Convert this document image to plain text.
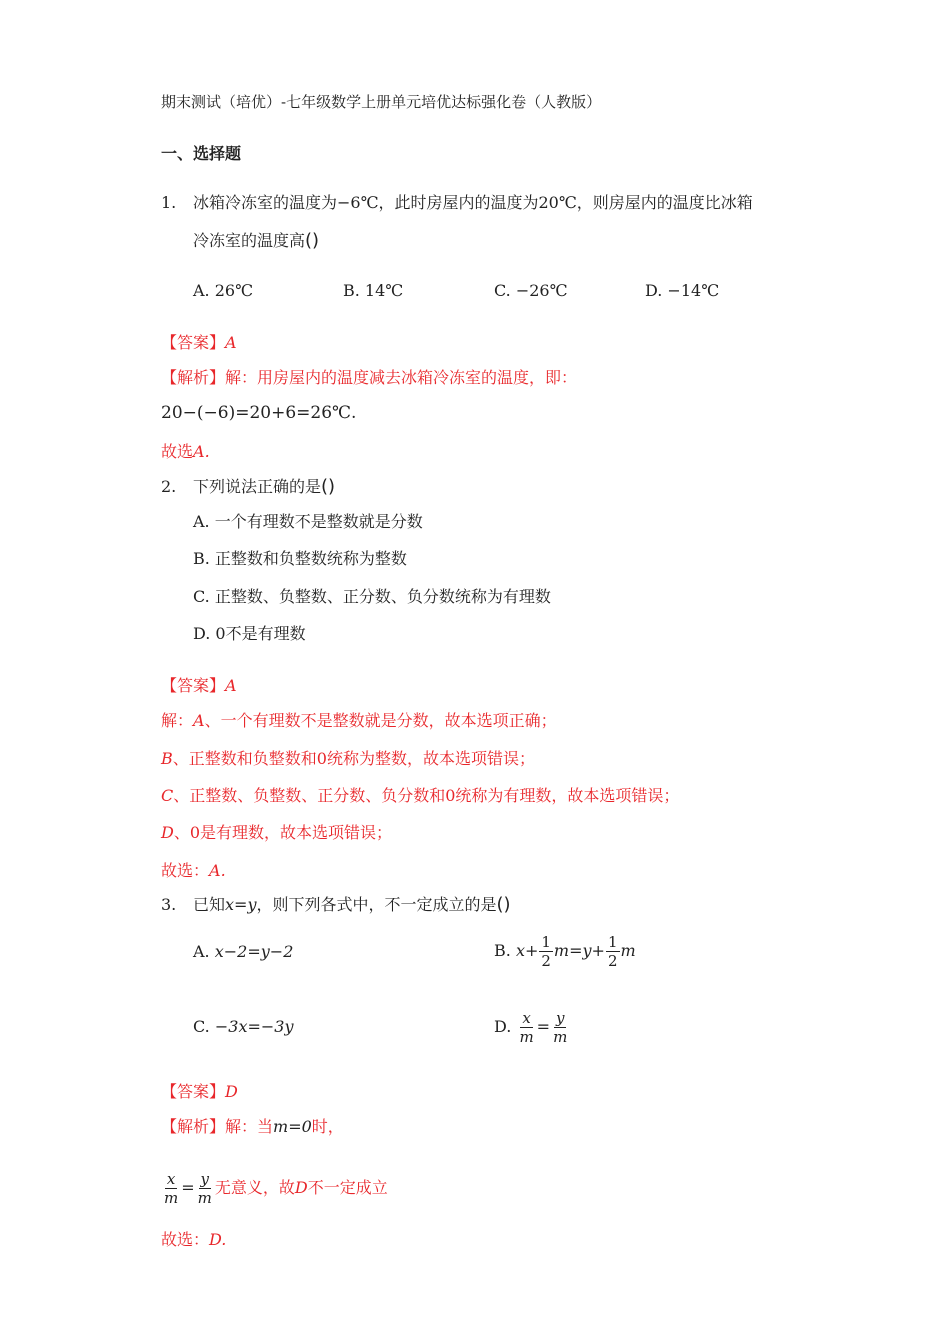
期末测试（培优）-七年级数学上册单元培优达标强化卷（人教版）
一、选择题
1. 冰箱冷冻室的温度为−6℃，此时房屋内的温度为20℃，则房屋内的温度比冰箱
冷冻室的温度高()
A. 26℃	B. 14℃	C. −26℃	D. −14℃
【答案】A
【解析】解：用房屋内的温度减去冰箱冷冻室的温度，即：
20−(−6)=20+6=26℃.
故选A.
2. 下列说法正确的是()
A. 一个有理数不是整数就是分数
B. 正整数和负整数统称为整数
C. 正整数、负整数、正分数、负分数统称为有理数
D. 0不是有理数
【答案】A
解：A、一个有理数不是整数就是分数，故本选项正确；
B、正整数和负整数和0统称为整数，故本选项错误；
C、正整数、负整数、正分数、负分数和0统称为有理数，故本选项错误；
D、0是有理数，故本选项错误；
故选：A.
3. 已知x=y，则下列各式中，不一定成立的是()
A. x−2=y−2	B. $x+ \frac{1}{2} m=y+ \frac{1}{2}$ m
C. −3x=−3y	D. $\frac{x}{m} = \frac{y}{m}$
【答案】D
【解析】解：当m=0时，
$\frac{x}{m} = \frac{y}{m}$ 无意义，故D不一定成立
故选：D.
